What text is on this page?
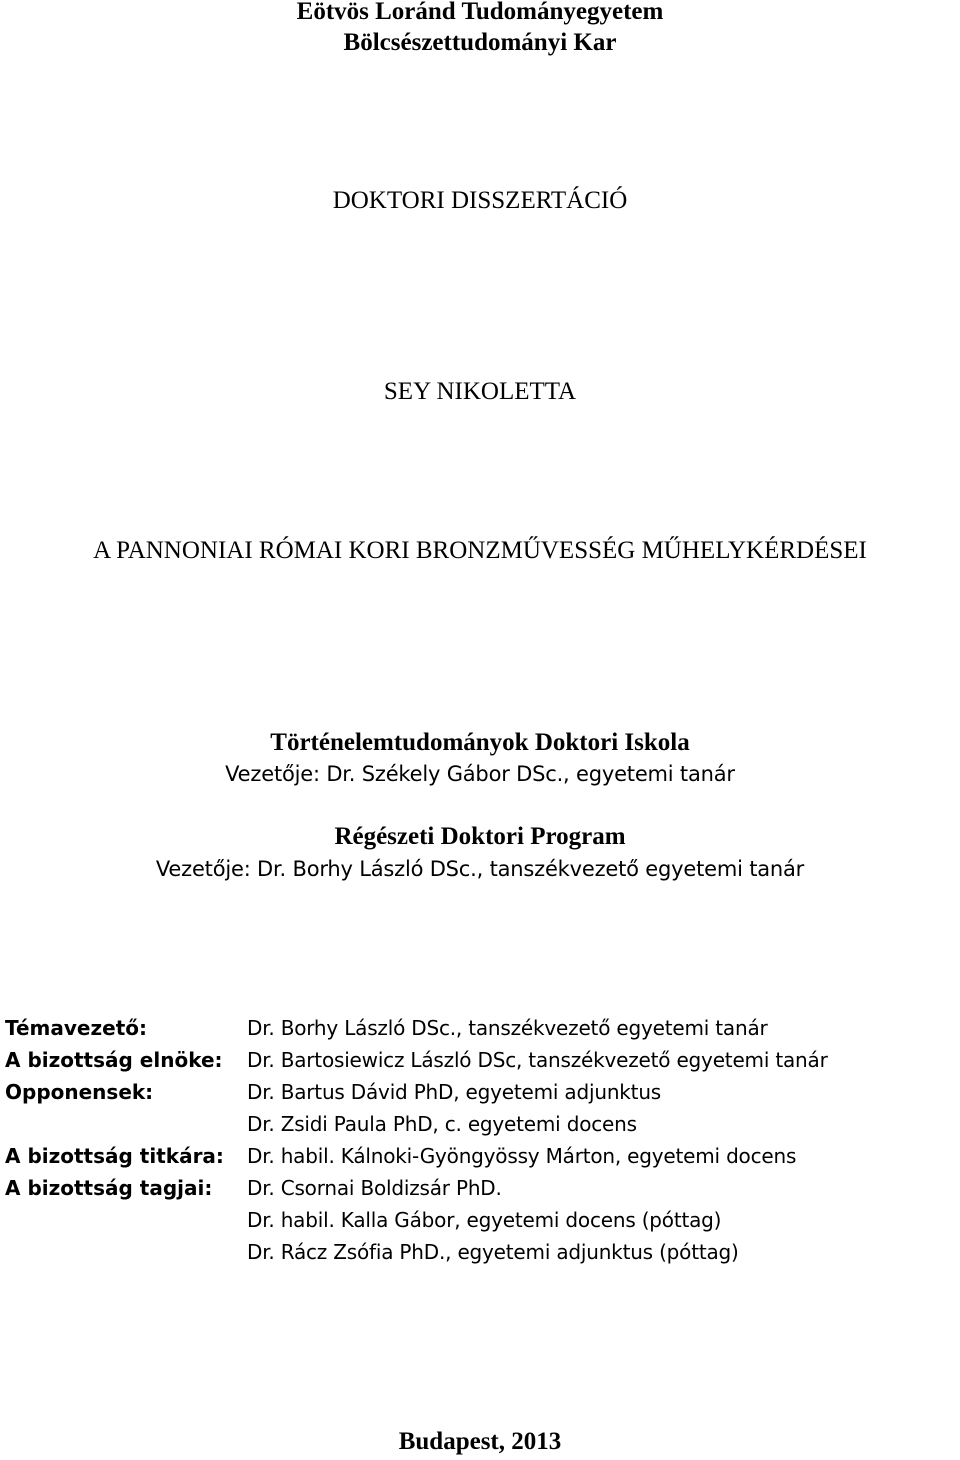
Eötvös Loránd Tudományegyetem
Bölcsészettudományi Kar
DOKTORI DISSZERTÁCIÓ
SEY NIKOLETTA
A PANNONIAI RÓMAI KORI BRONZMŰVESSÉG MŰHELYKÉRDÉSEI
Történelemtudományok Doktori Iskola
Vezetője: Dr. Székely Gábor DSc., egyetemi tanár
Régészeti Doktori Program
Vezetője: Dr. Borhy László DSc., tanszékvezető egyetemi tanár
Témavezető:	Dr. Borhy László DSc., tanszékvezető egyetemi tanár
A bizottság elnöke: Dr. Bartosiewicz László DSc, tanszékvezető egyetemi tanár
Opponensek:	Dr. Bartus Dávid PhD, egyetemi adjunktus
Dr. Zsidi Paula PhD, c. egyetemi docens
A bizottság titkára: Dr. habil. Kálnoki-Gyöngyössy Márton, egyetemi docens
A bizottság tagjai: Dr. Csornai Boldizsár PhD.
Dr. habil. Kalla Gábor, egyetemi docens (póttag)
Dr. Rácz Zsófia PhD., egyetemi adjunktus (póttag)
Budapest, 2013
